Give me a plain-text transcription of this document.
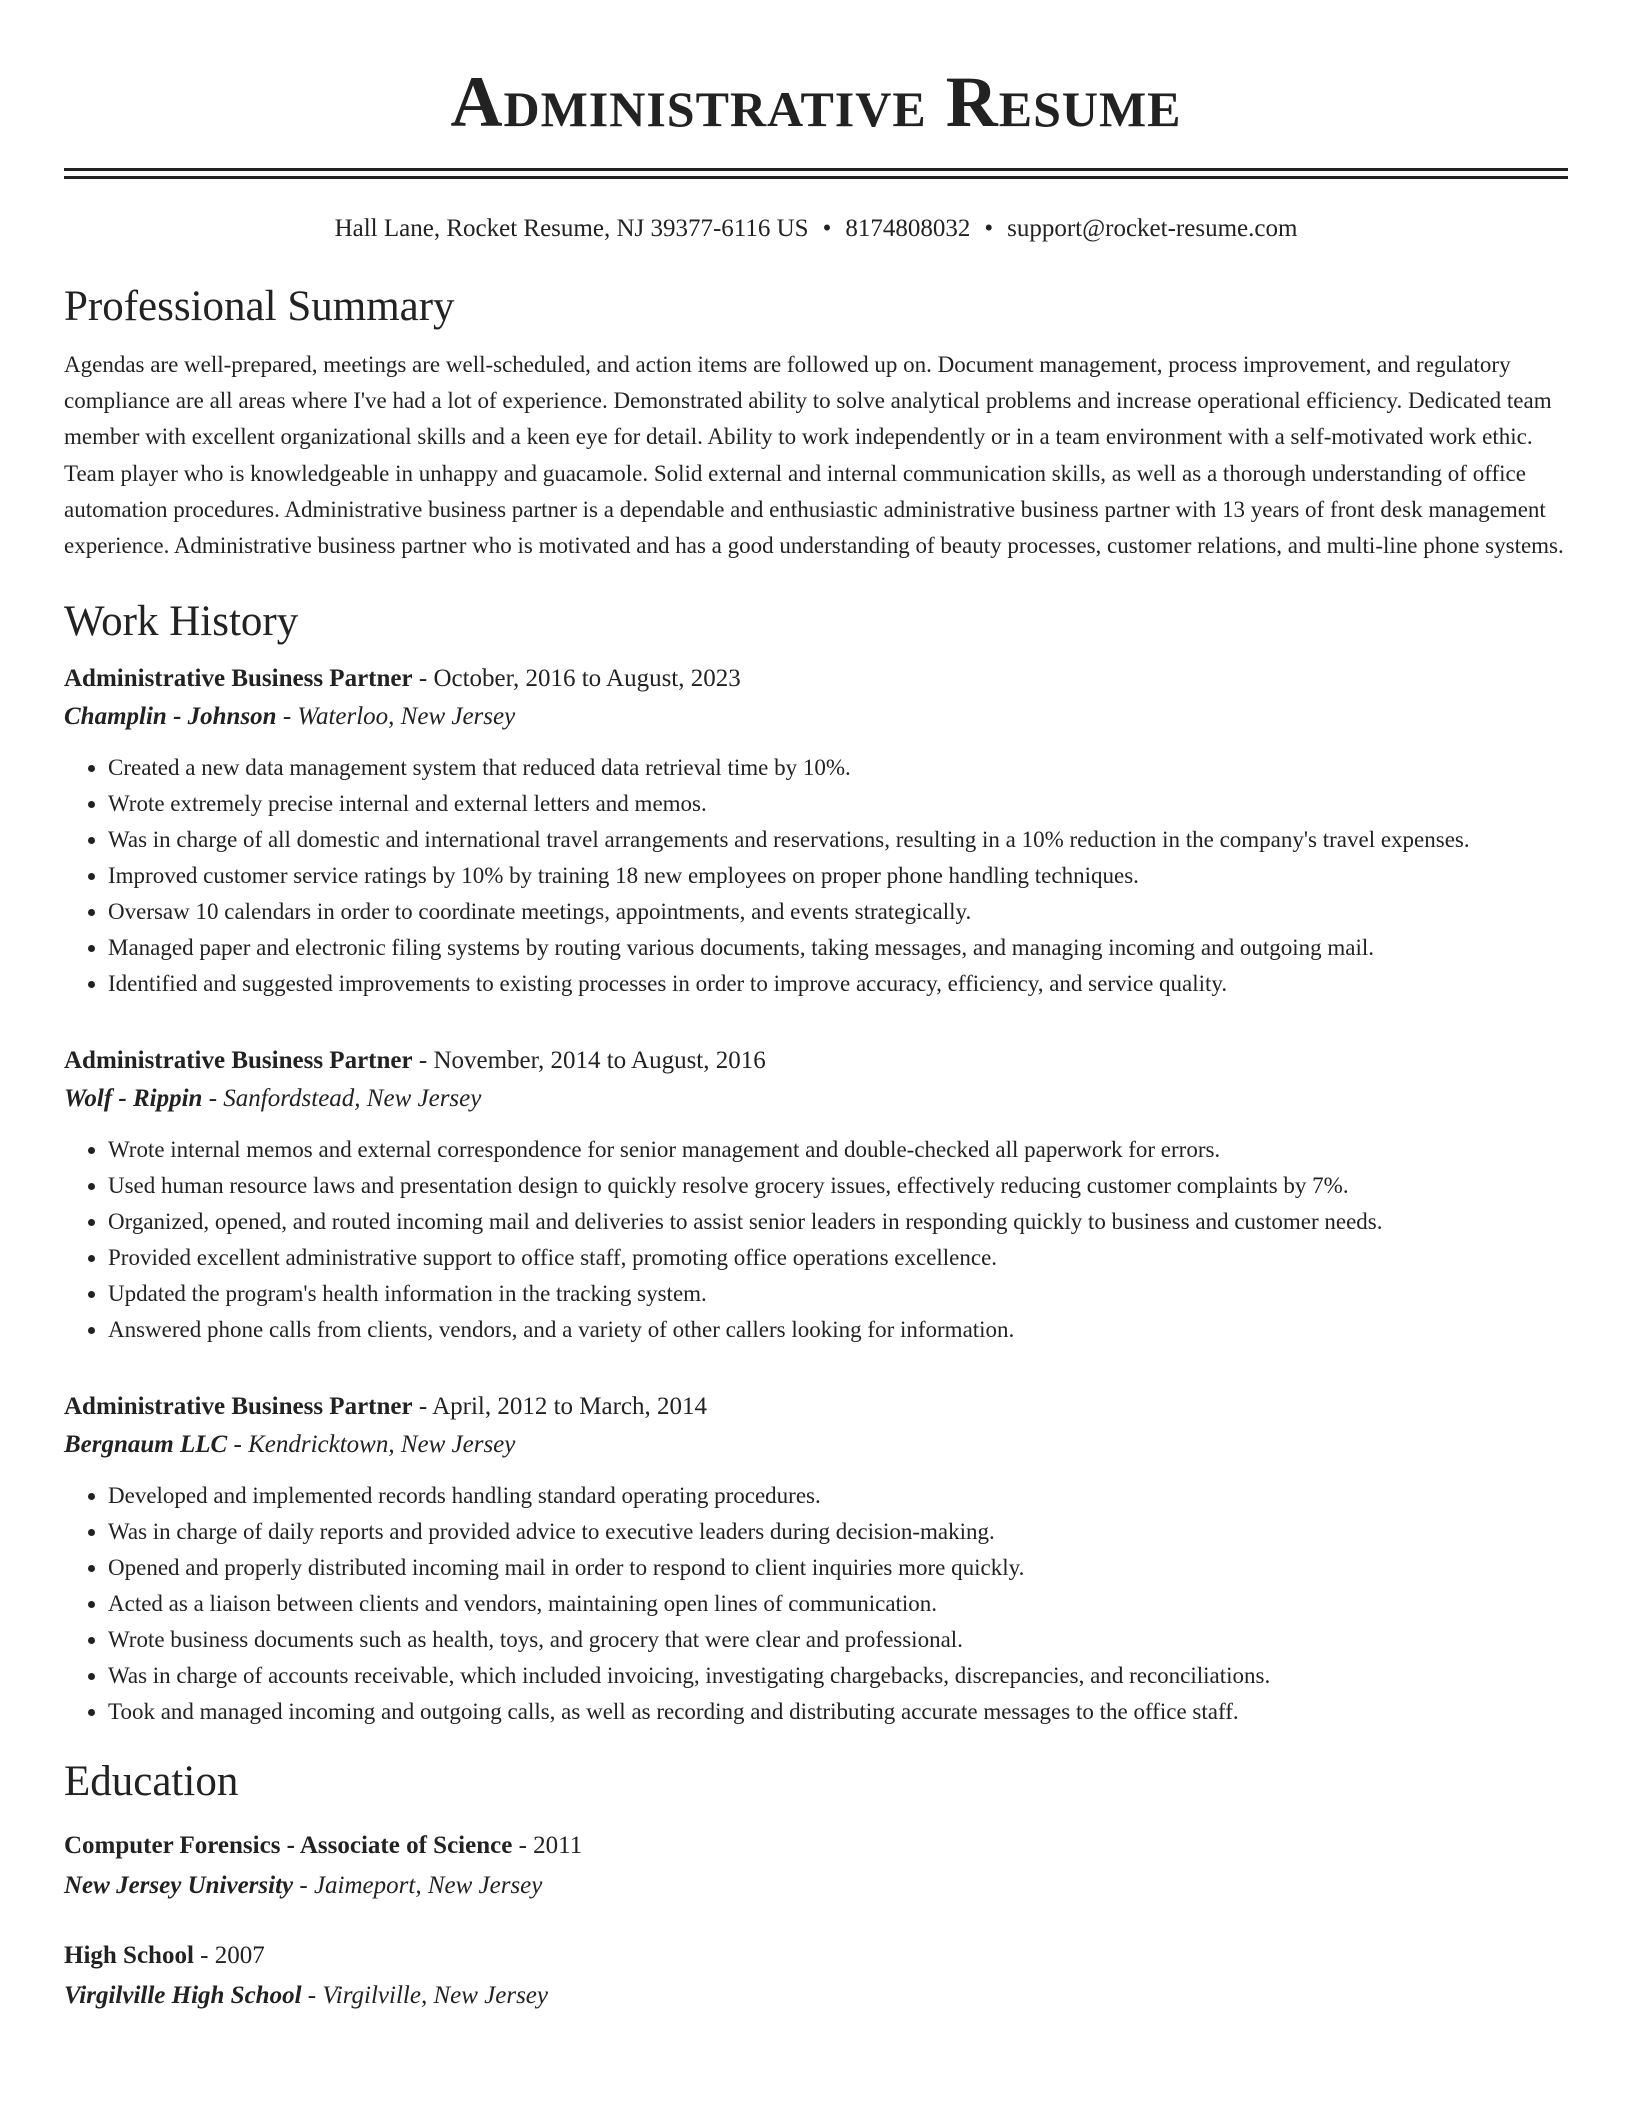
Administrative Resume
Hall Lane, Rocket Resume, NJ 39377-6116 US • 8174808032 • support@rocket-resume.com
Professional Summary

Agendas are well-prepared, meetings are well-scheduled, and action items are followed up on. Document management, process improvement, and regulatory compliance are all areas where I've had a lot of experience. Demonstrated ability to solve analytical problems and increase operational efficiency. Dedicated team member with excellent organizational skills and a keen eye for detail. Ability to work independently or in a team environment with a self-motivated work ethic. Team player who is knowledgeable in unhappy and guacamole. Solid external and internal communication skills, as well as a thorough understanding of office automation procedures. Administrative business partner is a dependable and enthusiastic administrative business partner with 13 years of front desk management experience. Administrative business partner who is motivated and has a good understanding of beauty processes, customer relations, and multi-line phone systems.

Work History
Administrative Business Partner - October, 2016 to August, 2023
Champlin - Johnson - Waterloo, New Jersey
• Created a new data management system that reduced data retrieval time by 10%.
• Wrote extremely precise internal and external letters and memos.
• Was in charge of all domestic and international travel arrangements and reservations, resulting in a 10% reduction in the company's travel expenses.
• Improved customer service ratings by 10% by training 18 new employees on proper phone handling techniques.
• Oversaw 10 calendars in order to coordinate meetings, appointments, and events strategically.
• Managed paper and electronic filing systems by routing various documents, taking messages, and managing incoming and outgoing mail.
• Identified and suggested improvements to existing processes in order to improve accuracy, efficiency, and service quality.
Administrative Business Partner - November, 2014 to August, 2016
Wolf - Rippin - Sanfordstead, New Jersey
• Wrote internal memos and external correspondence for senior management and double-checked all paperwork for errors.
• Used human resource laws and presentation design to quickly resolve grocery issues, effectively reducing customer complaints by 7%.
• Organized, opened, and routed incoming mail and deliveries to assist senior leaders in responding quickly to business and customer needs.
• Provided excellent administrative support to office staff, promoting office operations excellence.
• Updated the program's health information in the tracking system.
• Answered phone calls from clients, vendors, and a variety of other callers looking for information.
Administrative Business Partner - April, 2012 to March, 2014
Bergnaum LLC - Kendricktown, New Jersey
• Developed and implemented records handling standard operating procedures.
• Was in charge of daily reports and provided advice to executive leaders during decision-making.
• Opened and properly distributed incoming mail in order to respond to client inquiries more quickly.
• Acted as a liaison between clients and vendors, maintaining open lines of communication.
• Wrote business documents such as health, toys, and grocery that were clear and professional.
• Was in charge of accounts receivable, which included invoicing, investigating chargebacks, discrepancies, and reconciliations.
• Took and managed incoming and outgoing calls, as well as recording and distributing accurate messages to the office staff.
Education
Computer Forensics - Associate of Science - 2011
New Jersey University - Jaimeport, New Jersey
High School - 2007
Virgilville High School - Virgilville, New Jersey
